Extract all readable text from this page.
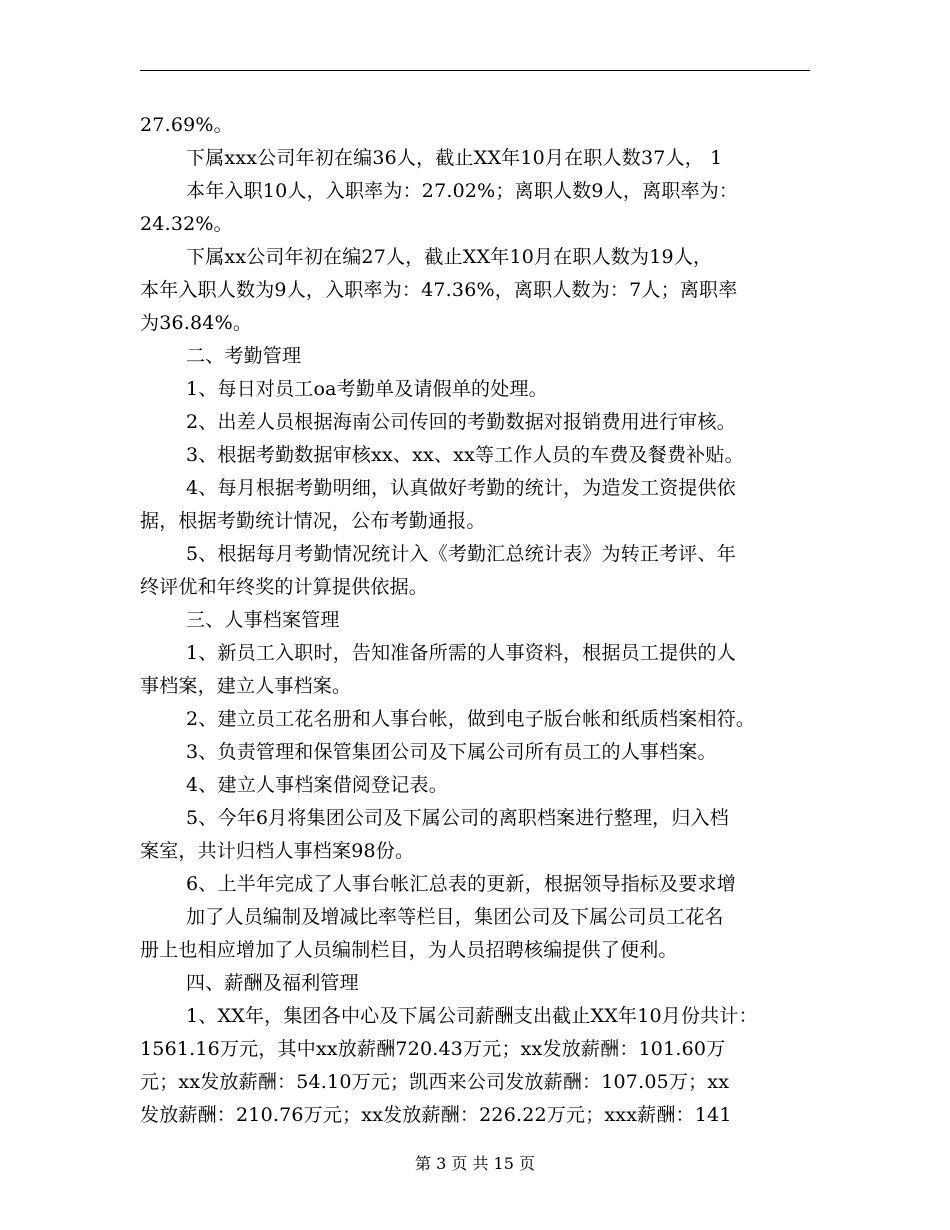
27.69%。
下属xxx公司年初在编36人，截止XX年10月在职人数37人， 1
本年入职10人，入职率为：27.02%；离职人数9人，离职率为：
24.32%。
下属xx公司年初在编27人，截止XX年10月在职人数为19人，
本年入职人数为9人，入职率为：47.36%，离职人数为：7人；离职率
为36.84%。
二、考勤管理
1、每日对员工oa考勤单及请假单的处理。
2、出差人员根据海南公司传回的考勤数据对报销费用进行审核。
3、根据考勤数据审核xx、xx、xx等工作人员的车费及餐费补贴。
4、每月根据考勤明细，认真做好考勤的统计，为造发工资提供依
据，根据考勤统计情况，公布考勤通报。
5、根据每月考勤情况统计入《考勤汇总统计表》为转正考评、年
终评优和年终奖的计算提供依据。
三、人事档案管理
1、新员工入职时，告知准备所需的人事资料，根据员工提供的人
事档案，建立人事档案。
2、建立员工花名册和人事台帐，做到电子版台帐和纸质档案相符。
3、负责管理和保管集团公司及下属公司所有员工的人事档案。
4、建立人事档案借阅登记表。
5、今年6月将集团公司及下属公司的离职档案进行整理，归入档
案室，共计归档人事档案98份。
6、上半年完成了人事台帐汇总表的更新，根据领导指标及要求增
加了人员编制及增减比率等栏目，集团公司及下属公司员工花名
册上也相应增加了人员编制栏目，为人员招聘核编提供了便利。
四、薪酬及福利管理
1、XX年，集团各中心及下属公司薪酬支出截止XX年10月份共计：
1561.16万元，其中xx放薪酬720.43万元；xx发放薪酬：101.60万
元；xx发放薪酬：54.10万元；凯西来公司发放薪酬：107.05万；xx
发放薪酬：210.76万元；xx发放薪酬：226.22万元；xxx薪酬：141
第 3 页 共 15 页
